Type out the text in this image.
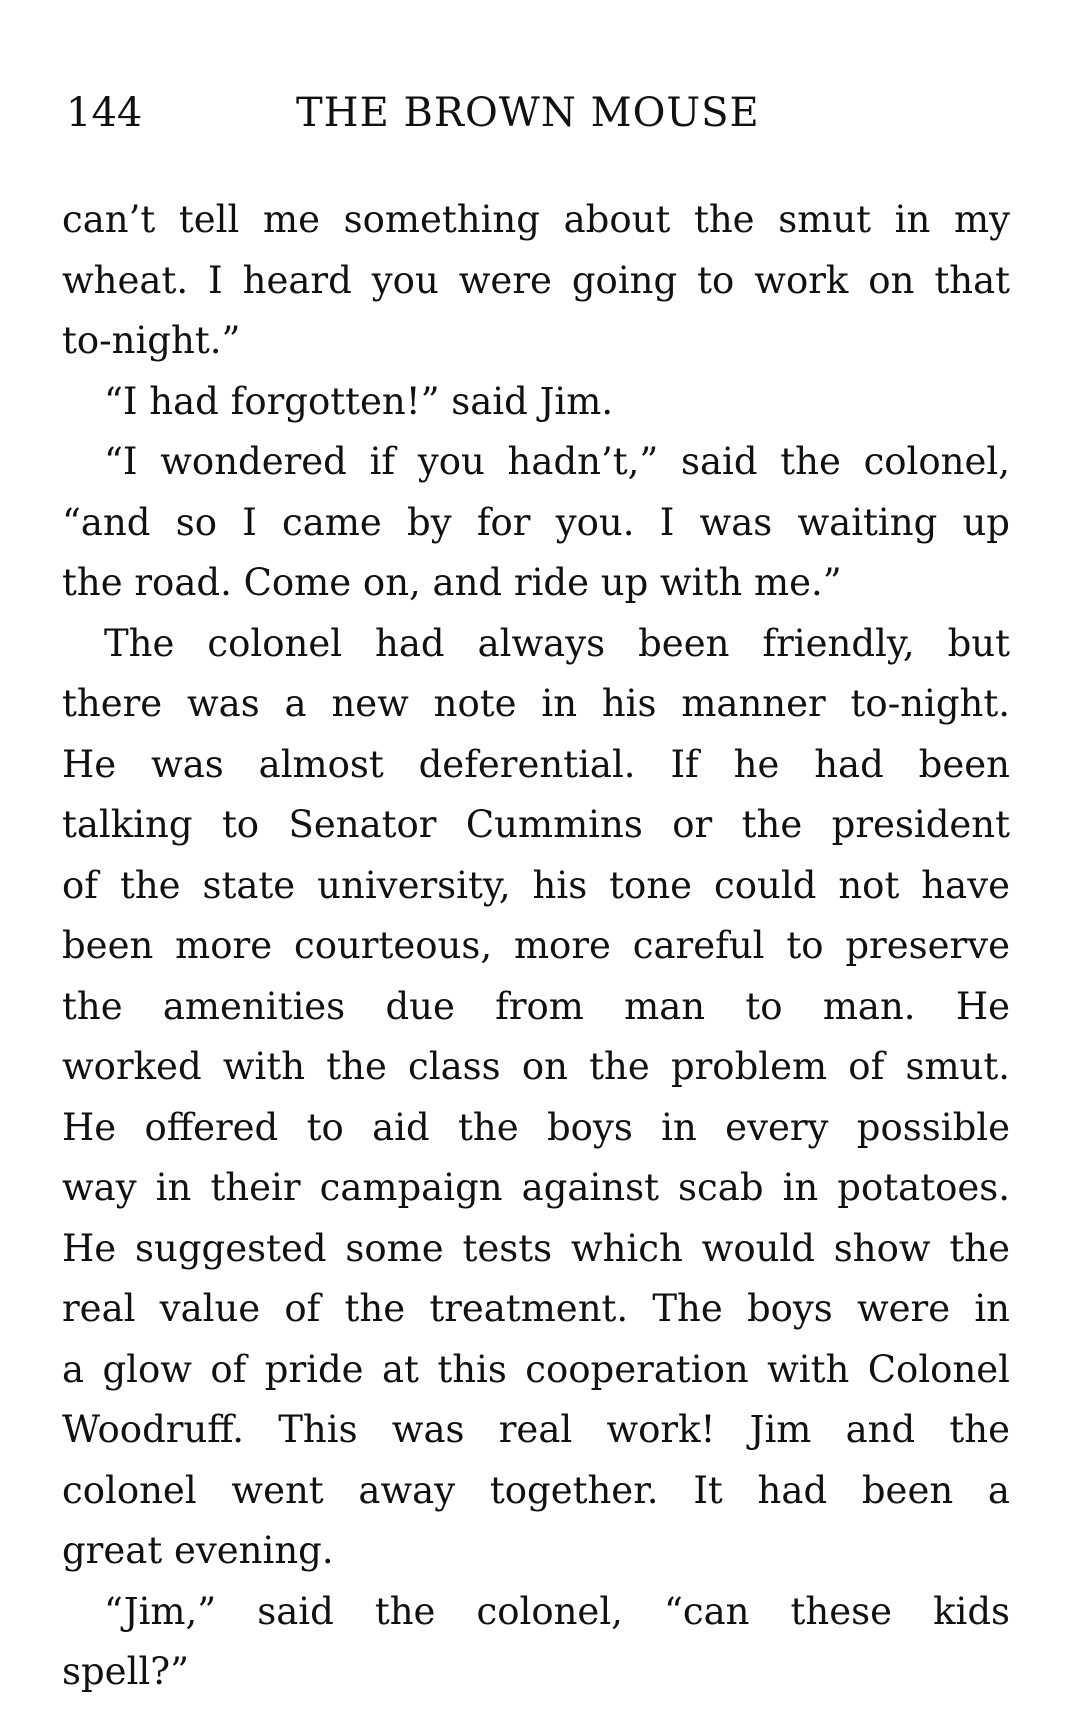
144	THE BROWN MOUSE
can’t tell me something about the smut in my
wheat. I heard you were going to work on that
to-night.”
“I had forgotten!” said Jim.
“I wondered if you hadn’t,” said the colonel,
“and so I came by for you. I was waiting up
the road. Come on, and ride up with me.”
The colonel had always been friendly, but
there was a new note in his manner to-night.
He was almost deferential. If he had been
talking to Senator Cummins or the president
of the state university, his tone could not have
been more courteous, more careful to preserve
the amenities due from man to man. He
worked with the class on the problem of smut.
He offered to aid the boys in every possible
way in their campaign against scab in potatoes.
He suggested some tests which would show the
real value of the treatment. The boys were in
a glow of pride at this cooperation with Colonel
Woodruff. This was real work! Jim and the
colonel went away together. It had been a
great evening.
“Jim,” said the colonel, “can these kids
spell?”
